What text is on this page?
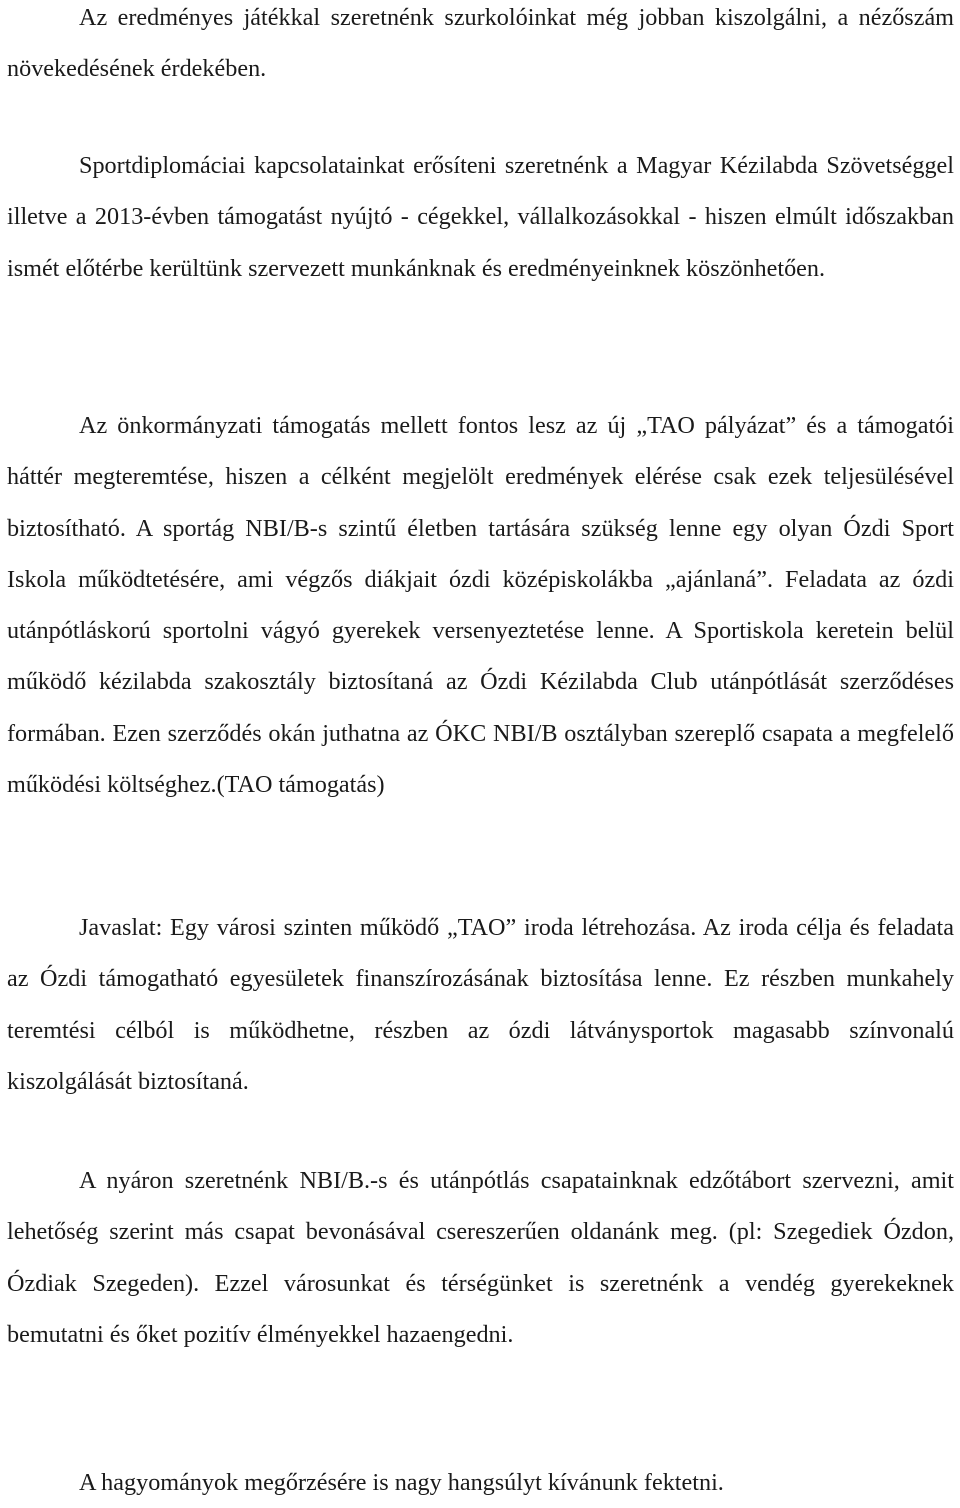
Az eredményes játékkal szeretnénk szurkolóinkat még jobban kiszolgálni, a nézőszám növekedésének érdekében.

Sportdiplomáciai kapcsolatainkat erősíteni szeretnénk a Magyar Kézilabda Szövetséggel illetve a 2013-évben támogatást nyújtó - cégekkel, vállalkozásokkal - hiszen elmúlt időszakban ismét előtérbe kerültünk szervezett munkánknak és eredményeinknek köszönhetően.

Az önkormányzati támogatás mellett fontos lesz az új „TAO pályázat” és a támogatói háttér megteremtése, hiszen a célként megjelölt eredmények elérése csak ezek teljesülésével biztosítható. A sportág NBI/B-s szintű életben tartására szükség lenne egy olyan Ózdi Sport Iskola működtetésére, ami végzős diákjait ózdi középiskolákba „ajánlaná”. Feladata az ózdi utánpótláskorú sportolni vágyó gyerekek versenyeztetése lenne. A Sportiskola keretein belül működő kézilabda szakosztály biztosítaná az Ózdi Kézilabda Club utánpótlását szerződéses formában. Ezen szerződés okán juthatna az ÓKC NBI/B osztályban szereplő csapata a megfelelő működési költséghez.(TAO támogatás)

Javaslat: Egy városi szinten működő „TAO” iroda létrehozása. Az iroda célja és feladata az Ózdi támogatható egyesületek finanszírozásának biztosítása lenne. Ez részben munkahely teremtési célból is működhetne, részben az ózdi látványsportok magasabb színvonalú kiszolgálását biztosítaná.

A nyáron szeretnénk NBI/B.-s és utánpótlás csapatainknak edzőtábort szervezni, amit lehetőség szerint más csapat bevonásával csereszerűen oldanánk meg. (pl: Szegediek Ózdon, Ózdiak Szegeden). Ezzel városunkat és térségünket is szeretnénk a vendég gyerekeknek bemutatni és őket pozitív élményekkel hazaengedni.

A hagyományok megőrzésére is nagy hangsúlyt kívánunk fektetni.
